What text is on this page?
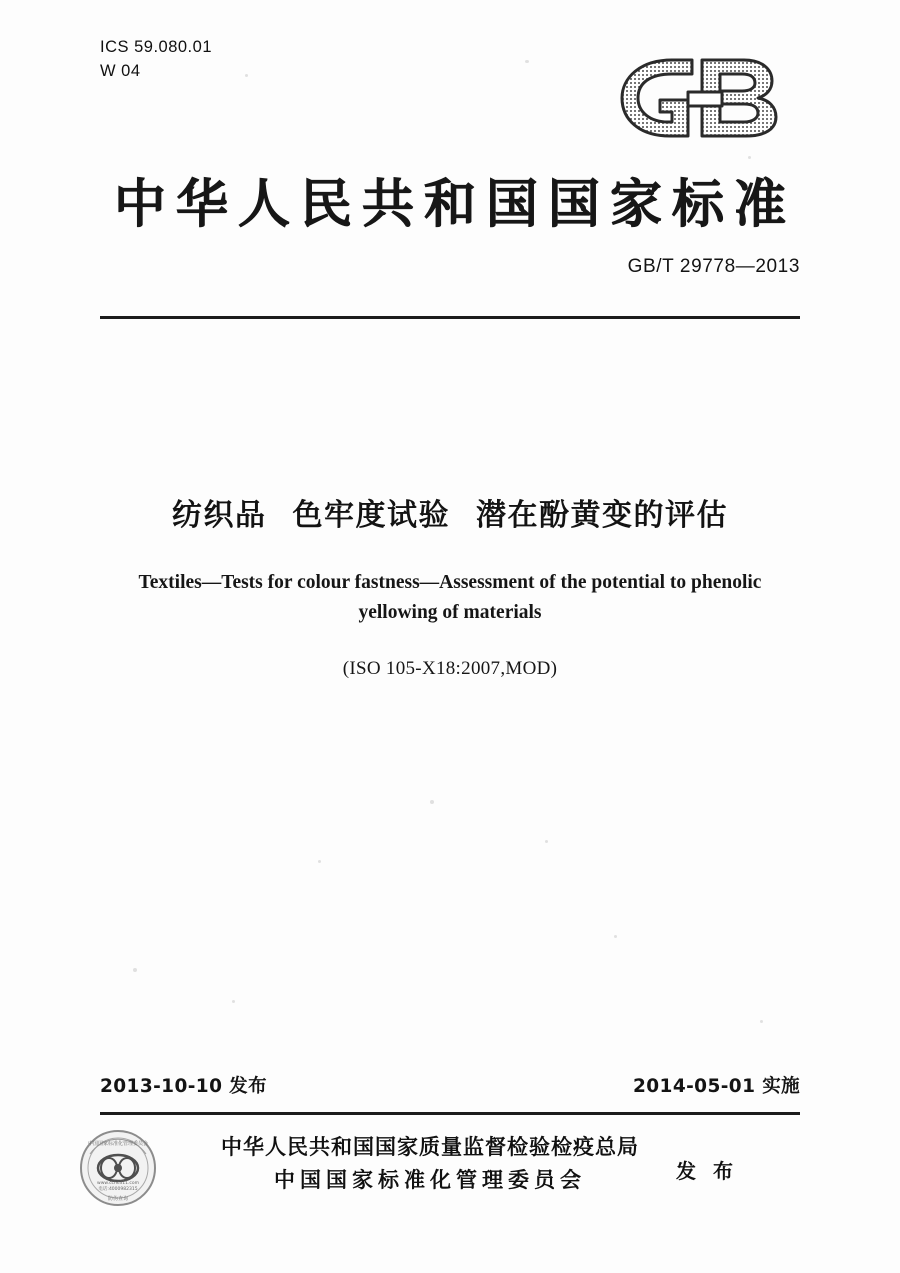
ICS 59.080.01
W 04
中华人民共和国国家标准
GB/T 29778—2013
纺织品 色牢度试验 潜在酚黄变的评估
Textiles—Tests for colour fastness—Assessment of the potential to phenolic
yellowing of materials
(ISO 105-X18:2007,MOD)
2013-10-10 发布	2014-05-01 实施
中国国家标准化管理委员会
www.cchc311.com
电话:4000982315
防伪查询
中华人民共和国国家质量监督检验检疫总局
中国国家标准化管理委员会	发 布
